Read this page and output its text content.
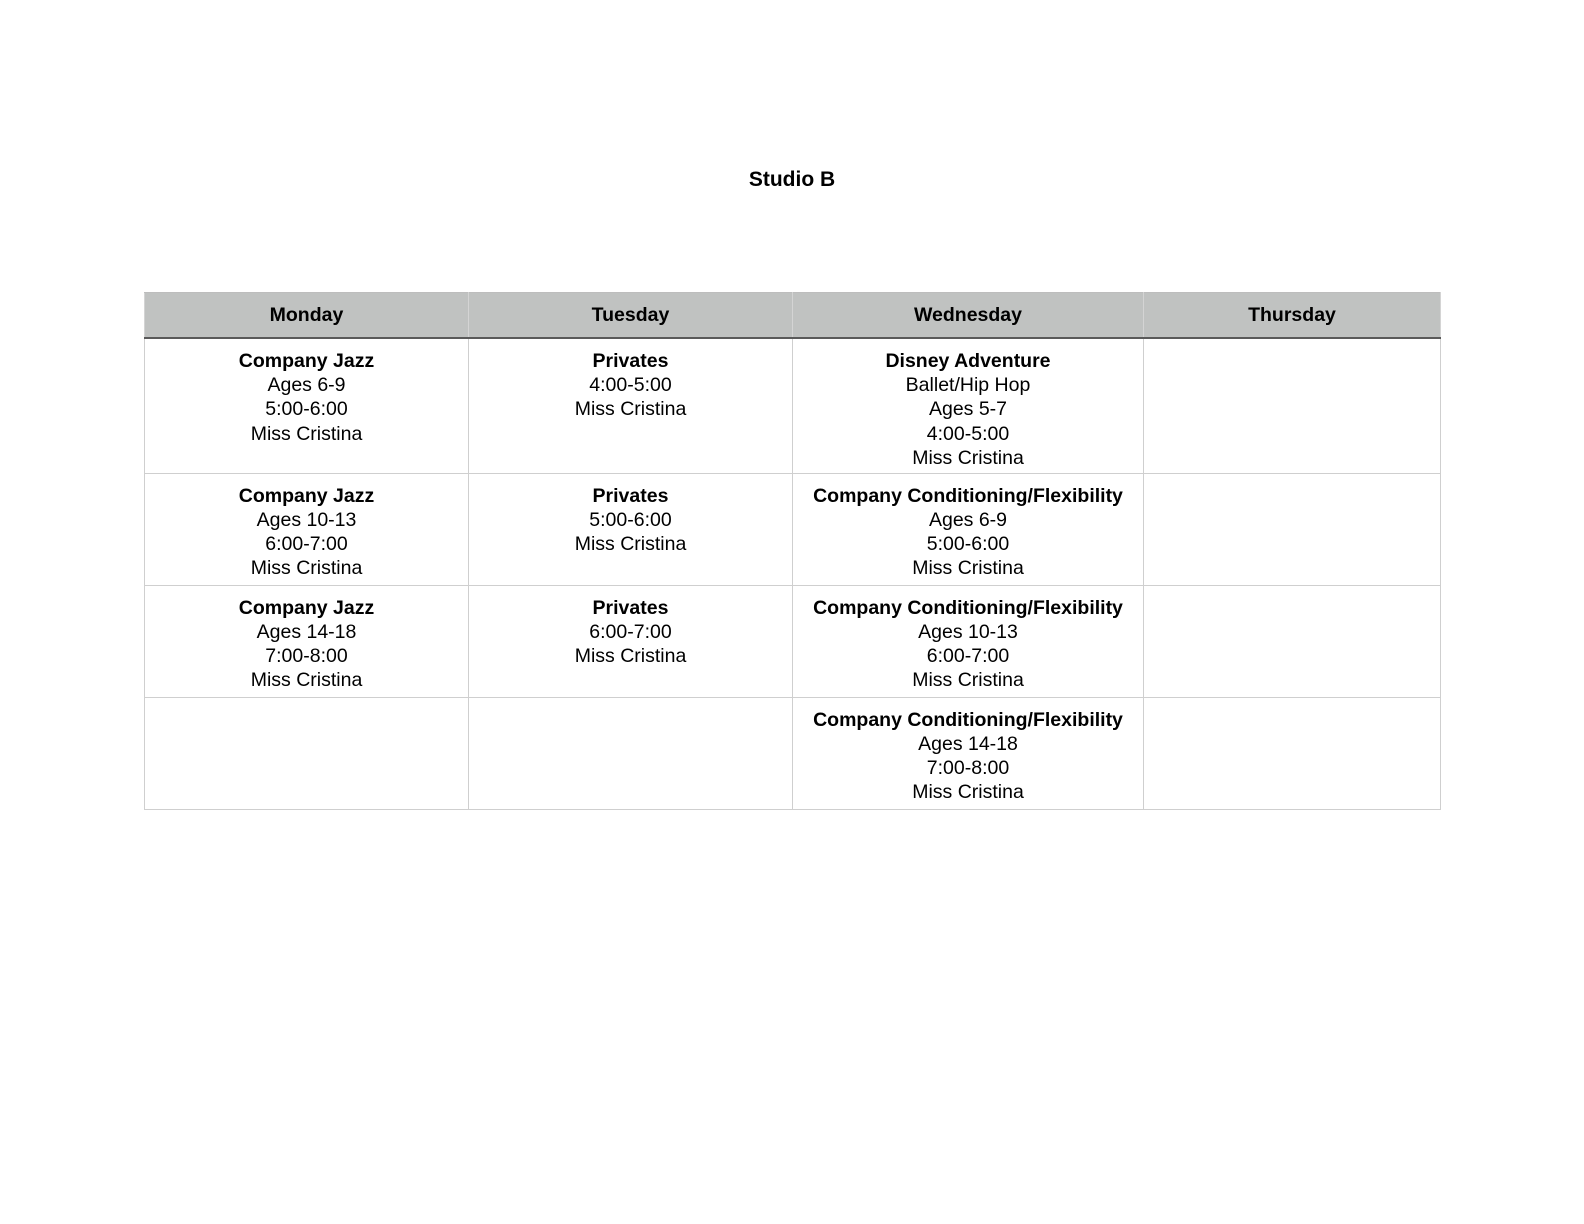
Studio B
Monday	Tuesday	Wednesday	Thursday

Company Jazz
Ages 6-9
5:00-6:00
Miss Cristina	Privates
4:00-5:00
Miss Cristina	Disney Adventure
Ballet/Hip Hop
Ages 5-7
4:00-5:00
Miss Cristina	

Company Jazz
Ages 10-13
6:00-7:00
Miss Cristina	Privates
5:00-6:00
Miss Cristina	Company Conditioning/Flexibility
Ages 6-9
5:00-6:00
Miss Cristina	

Company Jazz
Ages 14-18
7:00-8:00
Miss Cristina	Privates
6:00-7:00
Miss Cristina	Company Conditioning/Flexibility
Ages 10-13
6:00-7:00
Miss Cristina	

		Company Conditioning/Flexibility
Ages 14-18
7:00-8:00
Miss Cristina	
